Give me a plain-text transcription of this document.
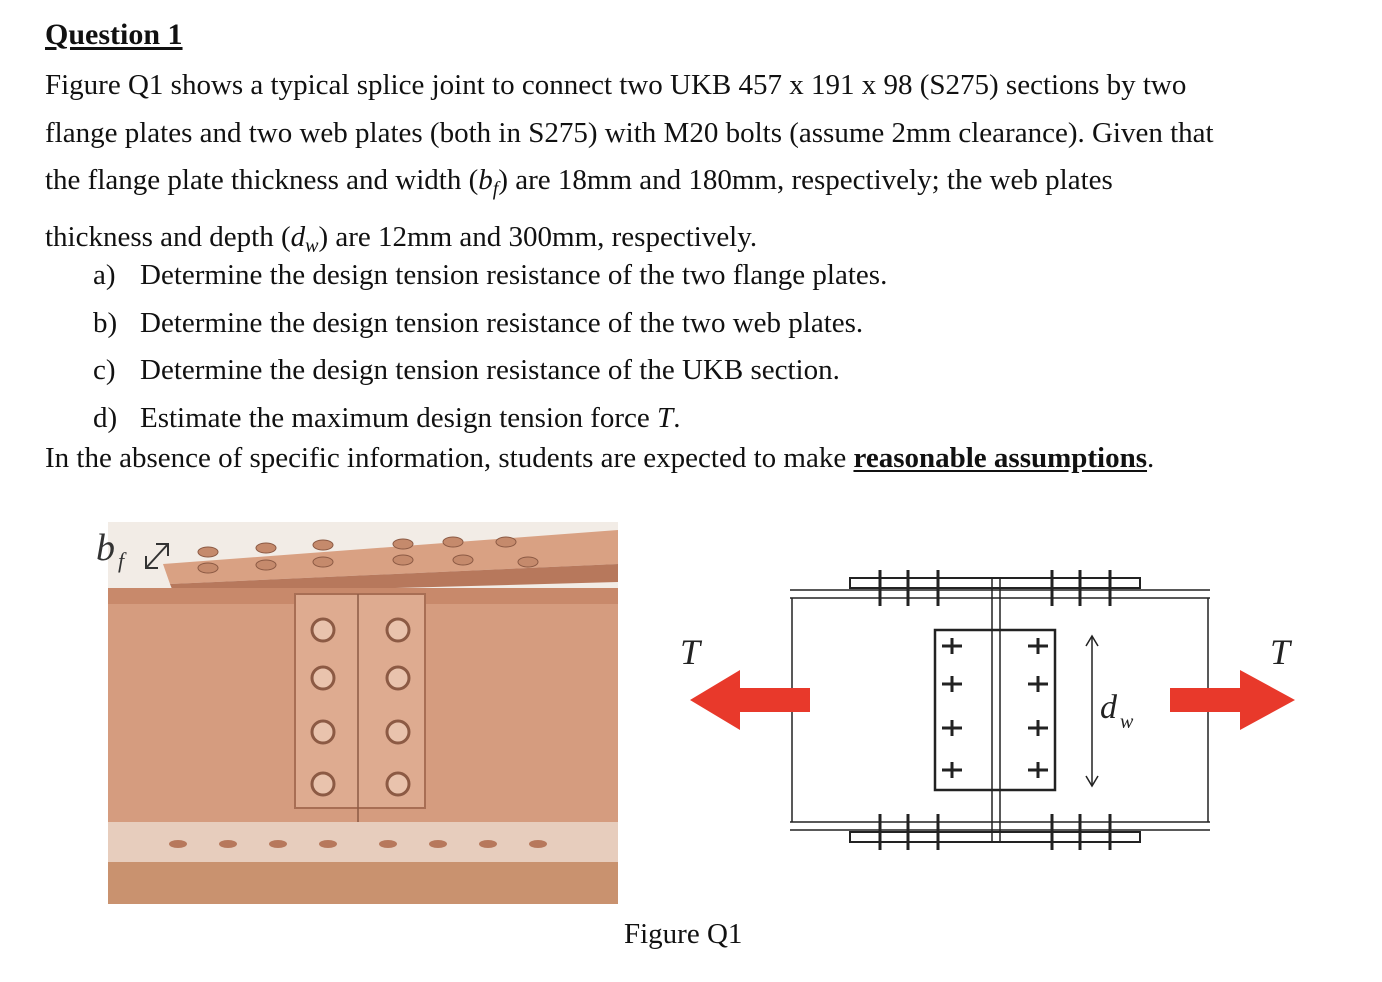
Question 1
Figure Q1 shows a typical splice joint to connect two UKB 457 x 191 x 98 (S275) sections by two
flange plates and two web plates (both in S275) with M20 bolts (assume 2mm clearance). Given that
the flange plate thickness and width $(b_f)$ are 18mm and 180mm, respectively; the web plates
thickness and depth $(d_w)$ are 12mm and 300mm, respectively.
a) Determine the design tension resistance of the two flange plates.
b) Determine the design tension resistance of the two web plates.
c) Determine the design tension resistance of the UKB section.
d) Estimate the maximum design tension force T.
In the absence of specific information, students are expected to make reasonable assumptions.
b f
d w
T	T
Figure Q1
